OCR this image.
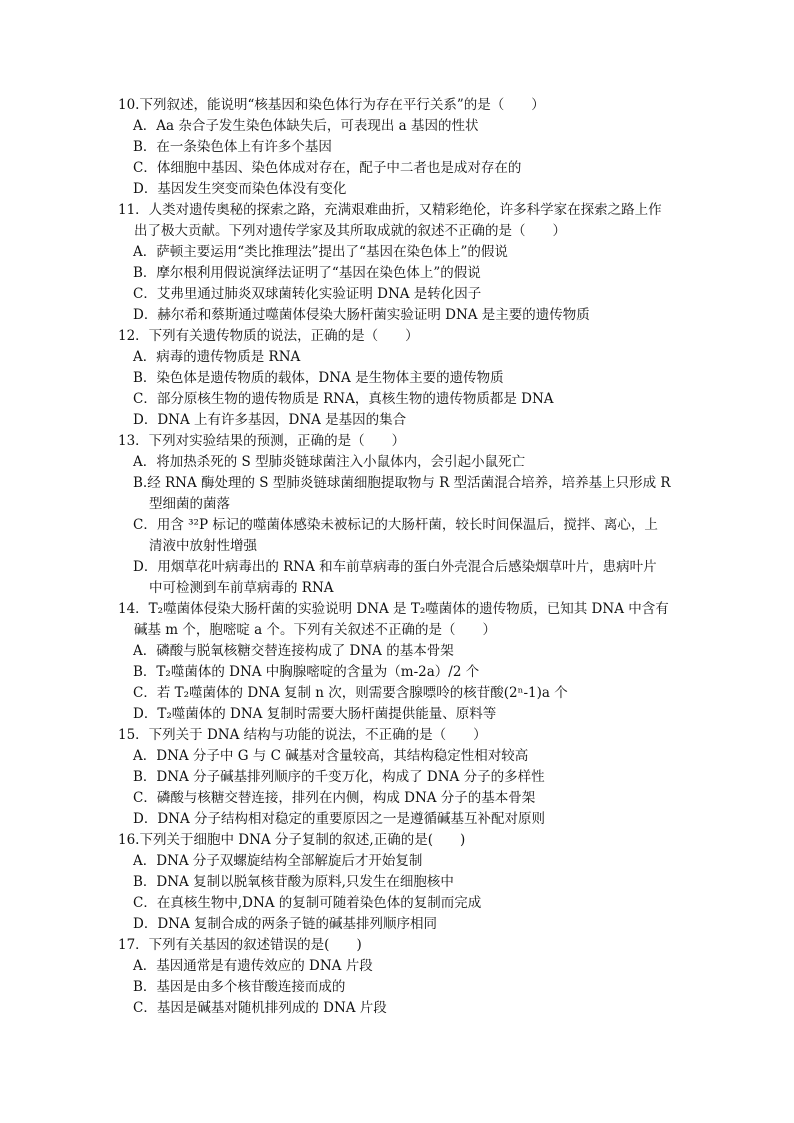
10.下列叙述，能说明“核基因和染色体行为存在平行关系”的是（　　）
A．Aa 杂合子发生染色体缺失后，可表现出 a 基因的性状
B．在一条染色体上有许多个基因
C．体细胞中基因、染色体成对存在，配子中二者也是成对存在的
D．基因发生突变而染色体没有变化
11．人类对遗传奥秘的探索之路，充满艰难曲折，又精彩绝伦，许多科学家在探索之路上作
出了极大贡献。下列对遗传学家及其所取成就的叙述不正确的是（　　）
A．萨顿主要运用“类比推理法”提出了“基因在染色体上”的假说
B．摩尔根利用假说演绎法证明了“基因在染色体上”的假说
C．艾弗里通过肺炎双球菌转化实验证明 DNA 是转化因子
D．赫尔希和蔡斯通过噬菌体侵染大肠杆菌实验证明 DNA 是主要的遗传物质
12．下列有关遗传物质的说法，正确的是（　　）
A．病毒的遗传物质是 RNA
B．染色体是遗传物质的载体，DNA 是生物体主要的遗传物质
C．部分原核生物的遗传物质是 RNA，真核生物的遗传物质都是 DNA
D．DNA 上有许多基因，DNA 是基因的集合
13．下列对实验结果的预测，正确的是（　　）
A．将加热杀死的 S 型肺炎链球菌注入小鼠体内，会引起小鼠死亡
B.经 RNA 酶处理的 S 型肺炎链球菌细胞提取物与 R 型活菌混合培养，培养基上只形成 R
型细菌的菌落
C．用含 ³²P 标记的噬菌体感染未被标记的大肠杆菌，较长时间保温后，搅拌、离心，上
清液中放射性增强
D．用烟草花叶病毒出的 RNA 和车前草病毒的蛋白外壳混合后感染烟草叶片，患病叶片
中可检测到车前草病毒的 RNA
14．T₂噬菌体侵染大肠杆菌的实验说明 DNA 是 T₂噬菌体的遗传物质，已知其 DNA 中含有
碱基 m 个，胞嘧啶 a 个。下列有关叙述不正确的是（　　）
A．磷酸与脱氧核糖交替连接构成了 DNA 的基本骨架
B．T₂噬菌体的 DNA 中胸腺嘧啶的含量为（m-2a）/2 个
C．若 T₂噬菌体的 DNA 复制 n 次，则需要含腺嘌呤的核苷酸(2ⁿ-1)a 个
D．T₂噬菌体的 DNA 复制时需要大肠杆菌提供能量、原料等
15．下列关于 DNA 结构与功能的说法，不正确的是（　　）
A．DNA 分子中 G 与 C 碱基对含量较高，其结构稳定性相对较高
B．DNA 分子碱基排列顺序的千变万化，构成了 DNA 分子的多样性
C．磷酸与核糖交替连接，排列在内侧，构成 DNA 分子的基本骨架
D．DNA 分子结构相对稳定的重要原因之一是遵循碱基互补配对原则
16.下列关于细胞中 DNA 分子复制的叙述,正确的是(　　)
A．DNA 分子双螺旋结构全部解旋后才开始复制
B．DNA 复制以脱氧核苷酸为原料,只发生在细胞核中
C．在真核生物中,DNA 的复制可随着染色体的复制而完成
D．DNA 复制合成的两条子链的碱基排列顺序相同
17．下列有关基因的叙述错误的是(　　)
A．基因通常是有遗传效应的 DNA 片段
B．基因是由多个核苷酸连接而成的
C．基因是碱基对随机排列成的 DNA 片段
